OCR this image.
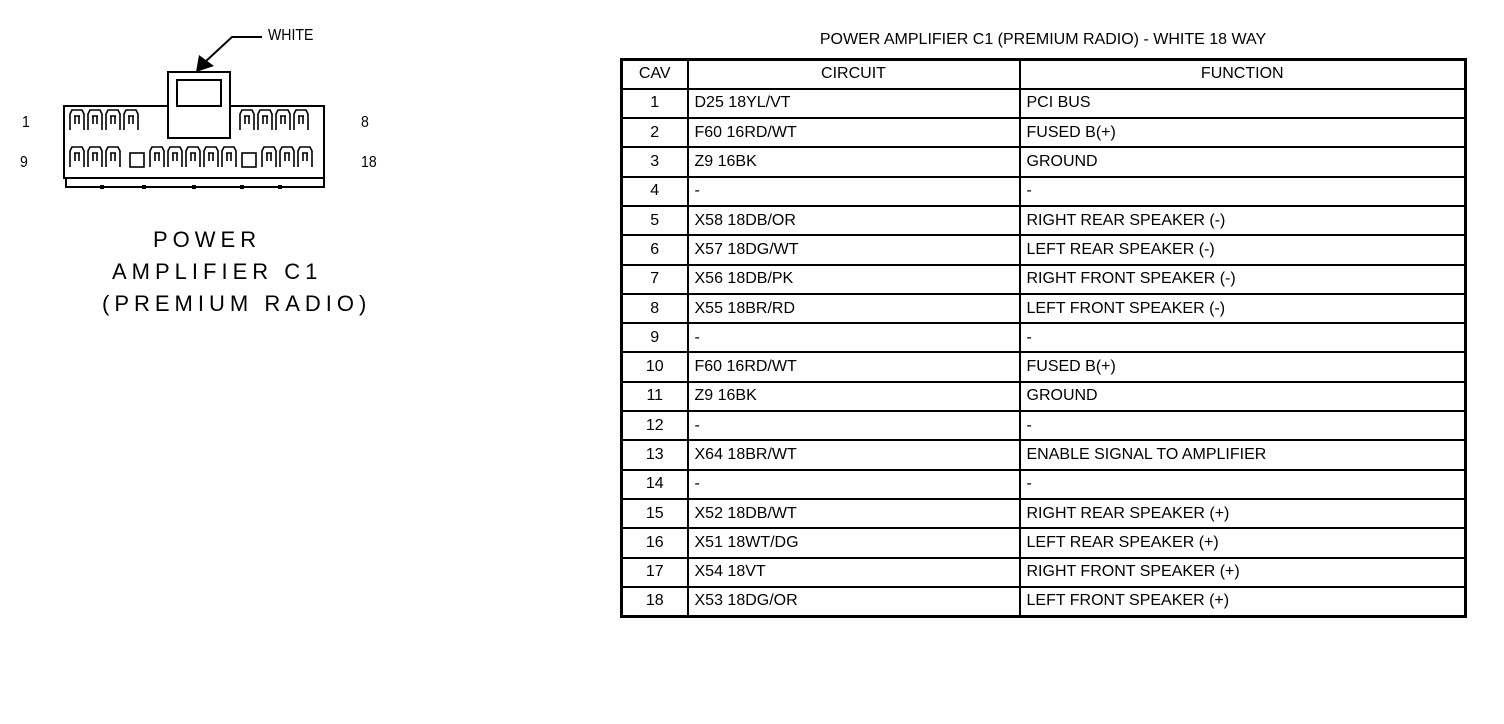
WHITE
1	8
9	18
POWER
AMPLIFIER C1
(PREMIUM RADIO)
POWER AMPLIFIER C1 (PREMIUM RADIO) - WHITE 18 WAY
CAV	CIRCUIT	FUNCTION
1	D25 18YL/VT	PCI BUS
2	F60 16RD/WT	FUSED B(+)
3	Z9 16BK	GROUND
4	-	-
5	X58 18DB/OR	RIGHT REAR SPEAKER (-)
6	X57 18DG/WT	LEFT REAR SPEAKER (-)
7	X56 18DB/PK	RIGHT FRONT SPEAKER (-)
8	X55 18BR/RD	LEFT FRONT SPEAKER (-)
9	-	-
10	F60 16RD/WT	FUSED B(+)
11	Z9 16BK	GROUND
12	-	-
13	X64 18BR/WT	ENABLE SIGNAL TO AMPLIFIER
14	-	-
15	X52 18DB/WT	RIGHT REAR SPEAKER (+)
16	X51 18WT/DG	LEFT REAR SPEAKER (+)
17	X54 18VT	RIGHT FRONT SPEAKER (+)
18	X53 18DG/OR	LEFT FRONT SPEAKER (+)
